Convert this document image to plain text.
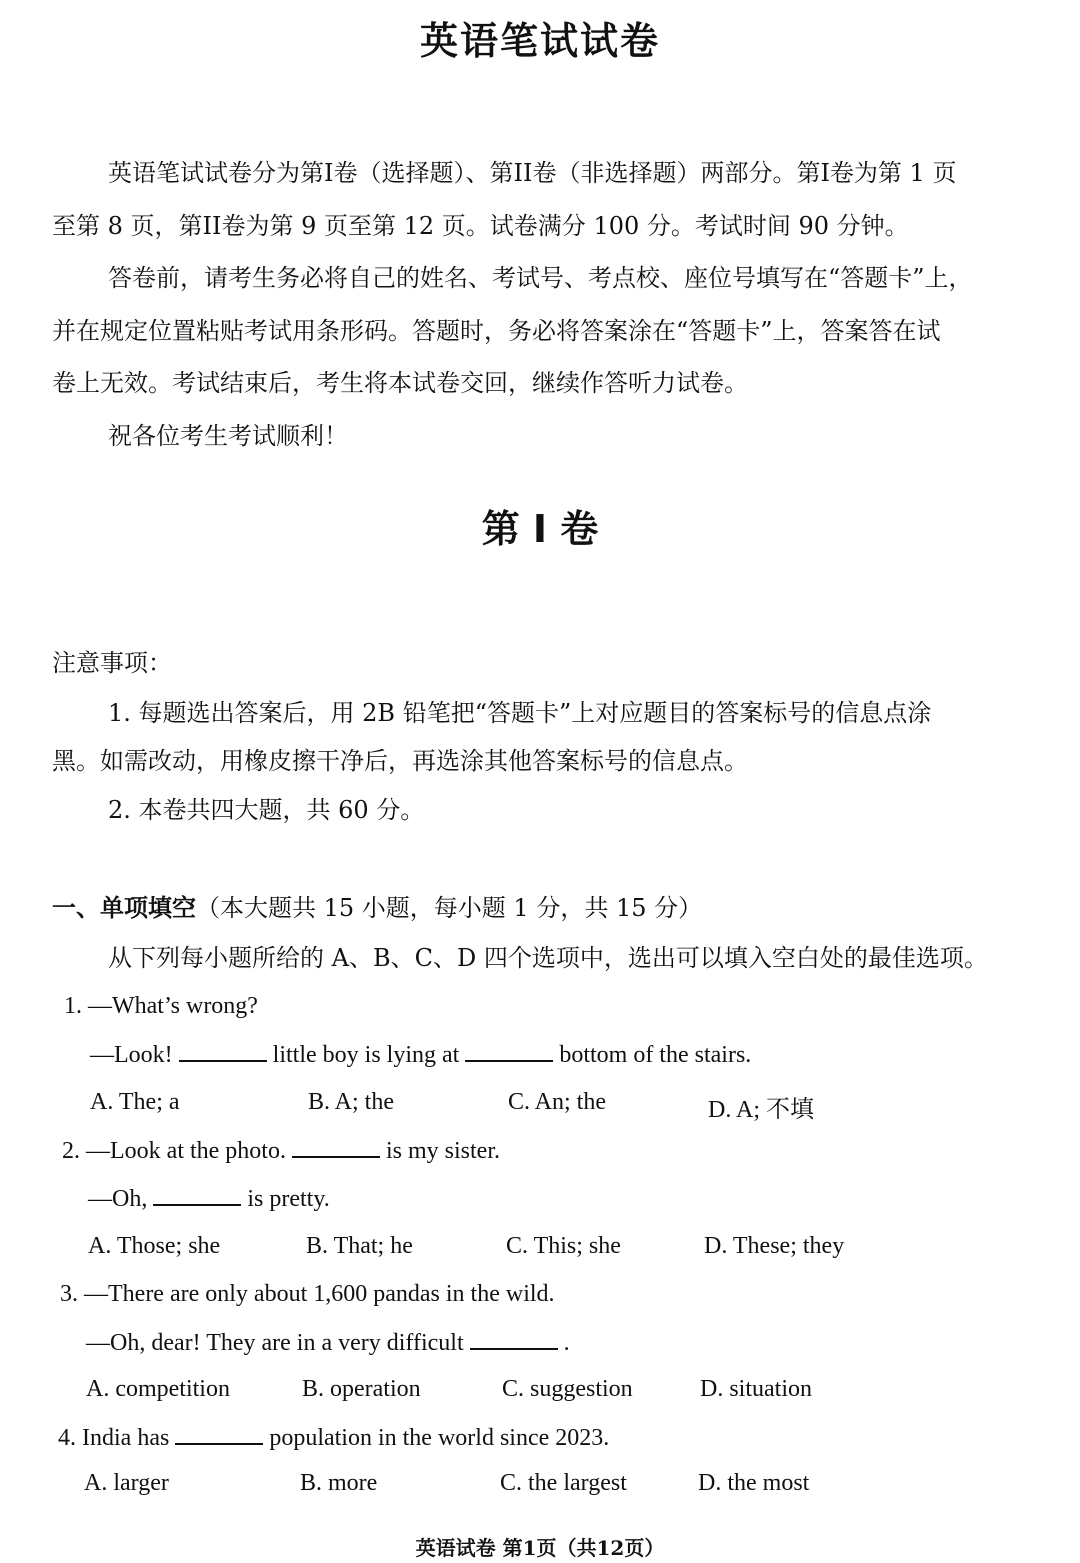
英语笔试试卷
英语笔试试卷分为第I卷（选择题）、第II卷（非选择题）两部分。第I卷为第 1 页
至第 8 页，第II卷为第 9 页至第 12 页。试卷满分 100 分。考试时间 90 分钟。
答卷前，请考生务必将自己的姓名、考试号、考点校、座位号填写在“答题卡”上，
并在规定位置粘贴考试用条形码。答题时，务必将答案涂在“答题卡”上，答案答在试
卷上无效。考试结束后，考生将本试卷交回，继续作答听力试卷。
祝各位考生考试顺利！
第 I 卷
注意事项：
1. 每题选出答案后，用 2B 铅笔把“答题卡”上对应题目的答案标号的信息点涂
黑。如需改动，用橡皮擦干净后，再选涂其他答案标号的信息点。
2. 本卷共四大题，共 60 分。
一、单项填空（本大题共 15 小题，每小题 1 分，共 15 分）
从下列每小题所给的 A、B、C、D 四个选项中，选出可以填入空白处的最佳选项。
1. —What’s wrong?
—Look!	little boy is lying at	bottom of the stairs.
A. The; a	B. A; the	C. An; the	D. A; 不填
2. —Look at the photo.	is my sister.
—Oh,	is pretty.
A. Those; she	B. That; he	C. This; she	D. These; they
3. —There are only about 1,600 pandas in the wild.
—Oh, dear! They are in a very difficult	.
A. competition	B. operation	C. suggestion	D. situation
4. India has	population in the world since 2023.
A. larger	B. more	C. the largest	D. the most
英语试卷 第1页（共12页）
